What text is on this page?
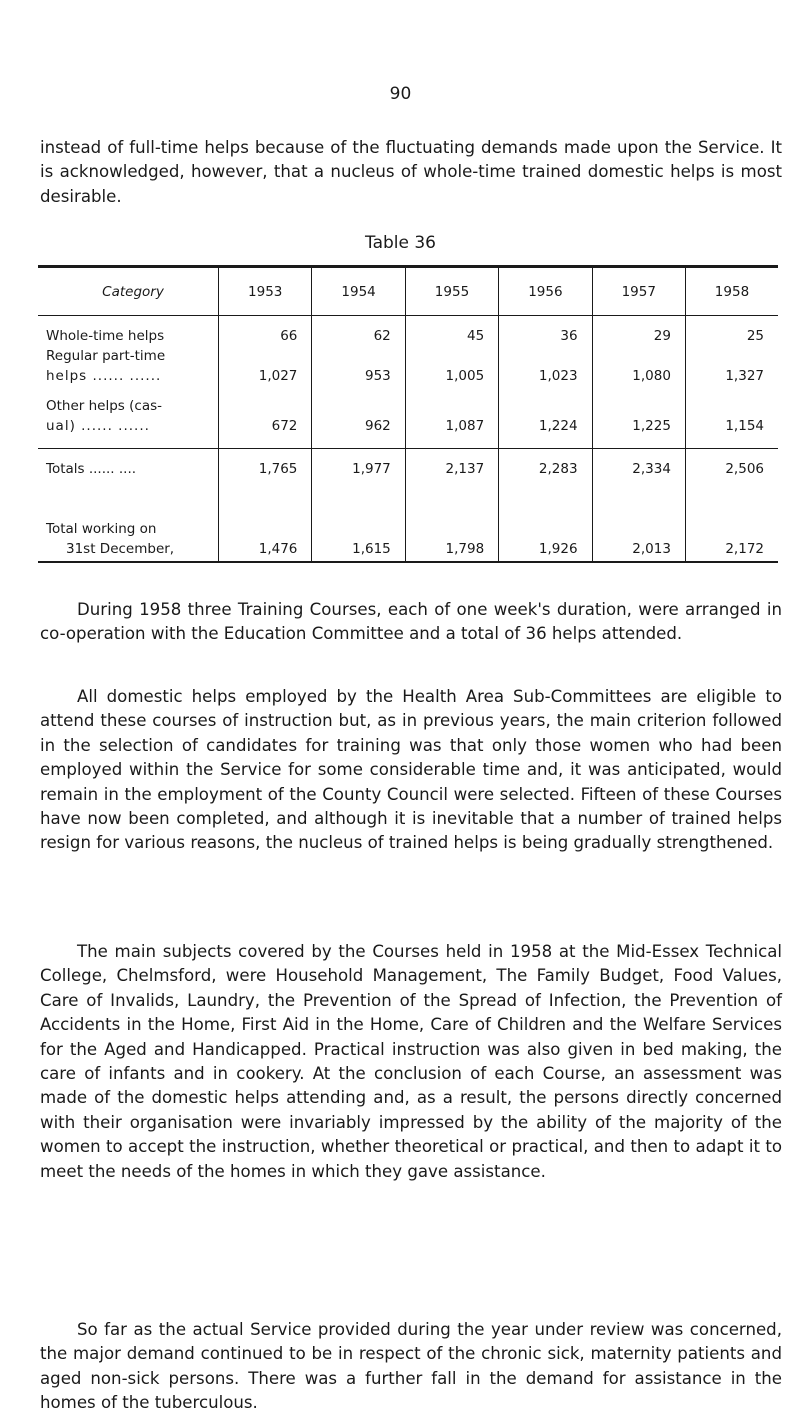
90

instead of full-time helps because of the fluctuating demands made upon the Service. It is acknowledged, however, that a nucleus of whole-time trained domestic helps is most desirable.

Table 36
Category	1953	1954	1955	1956	1957	1958
Whole-time helps	66	62	45	36	29	25

Regular part-time
helps ...... ......	1,027	953	1,005	1,023	1,080	1,327

Other helps (cas-
ual) ...... ......	672	962	1,087	1,224	1,225	1,154
Totals ...... ....	1,765	1,977	2,137	2,283	2,334	2,506

Total working on
31st December,	1,476	1,615	1,798	1,926	2,013	2,172

During 1958 three Training Courses, each of one week's duration, were arranged in co-operation with the Education Committee and a total of 36 helps attended.

All domestic helps employed by the Health Area Sub-Committees are eligible to attend these courses of instruction but, as in previous years, the main criterion followed in the selection of candidates for training was that only those women who had been employed within the Service for some considerable time and, it was anticipated, would remain in the employment of the County Council were selected. Fifteen of these Courses have now been completed, and although it is inevitable that a number of trained helps resign for various reasons, the nucleus of trained helps is being gradually strengthened.

The main subjects covered by the Courses held in 1958 at the Mid-Essex Technical College, Chelmsford, were Household Management, The Family Budget, Food Values, Care of Invalids, Laundry, the Prevention of the Spread of Infection, the Prevention of Accidents in the Home, First Aid in the Home, Care of Children and the Welfare Services for the Aged and Handicapped. Practical instruction was also given in bed making, the care of infants and in cookery. At the conclusion of each Course, an assessment was made of the domestic helps attending and, as a result, the persons directly concerned with their organisation were invariably impressed by the ability of the majority of the women to accept the instruction, whether theoretical or practical, and then to adapt it to meet the needs of the homes in which they gave assistance.

So far as the actual Service provided during the year under review was concerned, the major demand continued to be in respect of the chronic sick, maternity patients and aged non-sick persons. There was a further fall in the demand for assistance in the homes of the tuberculous.
